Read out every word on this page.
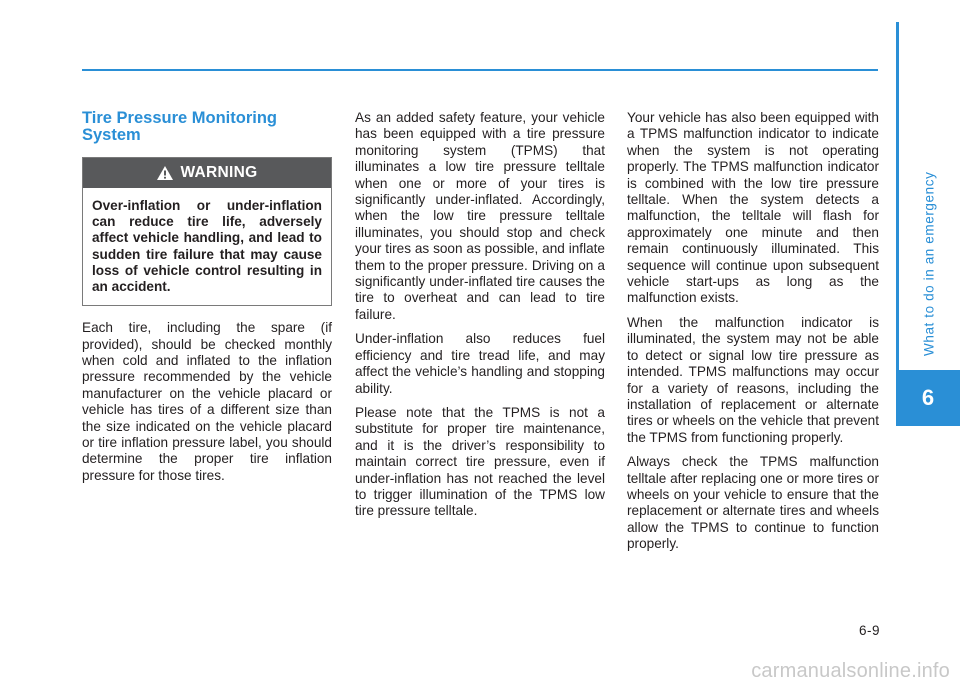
Tire Pressure Monitoring System
WARNING
Over-inflation or under-inflation can reduce tire life, adversely affect vehicle handling, and lead to sudden tire failure that may cause loss of vehicle control resulting in an accident.

Each tire, including the spare (if provided), should be checked monthly when cold and inflated to the inflation pressure recommended by the vehicle manufacturer on the vehicle placard or vehicle has tires of a different size than the size indicated on the vehicle placard or tire inflation pressure label, you should determine the proper tire inflation pressure for those tires.

As an added safety feature, your vehicle has been equipped with a tire pressure monitoring system (TPMS) that illuminates a low tire pressure telltale when one or more of your tires is significantly under-inflated. Accordingly, when the low tire pressure telltale illuminates, you should stop and check your tires as soon as possible, and inflate them to the proper pressure. Driving on a significantly under-inflated tire causes the tire to overheat and can lead to tire failure.

Under-inflation also reduces fuel efficiency and tire tread life, and may affect the vehicle’s handling and stopping ability.

Please note that the TPMS is not a substitute for proper tire maintenance, and it is the driver’s responsibility to maintain correct tire pressure, even if under-inflation has not reached the level to trigger illumination of the TPMS low tire pressure telltale.

Your vehicle has also been equipped with a TPMS malfunction indicator to indicate when the system is not operating properly. The TPMS malfunction indicator is combined with the low tire pressure telltale. When the system detects a malfunction, the telltale will flash for approximately one minute and then remain continuously illuminated. This sequence will continue upon subsequent vehicle start-ups as long as the malfunction exists.

When the malfunction indicator is illuminated, the system may not be able to detect or signal low tire pressure as intended. TPMS malfunctions may occur for a variety of reasons, including the installation of replacement or alternate tires or wheels on the vehicle that prevent the TPMS from functioning properly.

Always check the TPMS malfunction telltale after replacing one or more tires or wheels on your vehicle to ensure that the replacement or alternate tires and wheels allow the TPMS to continue to function properly.

What to do in an emergency
6
6-9
carmanualsonline.info
